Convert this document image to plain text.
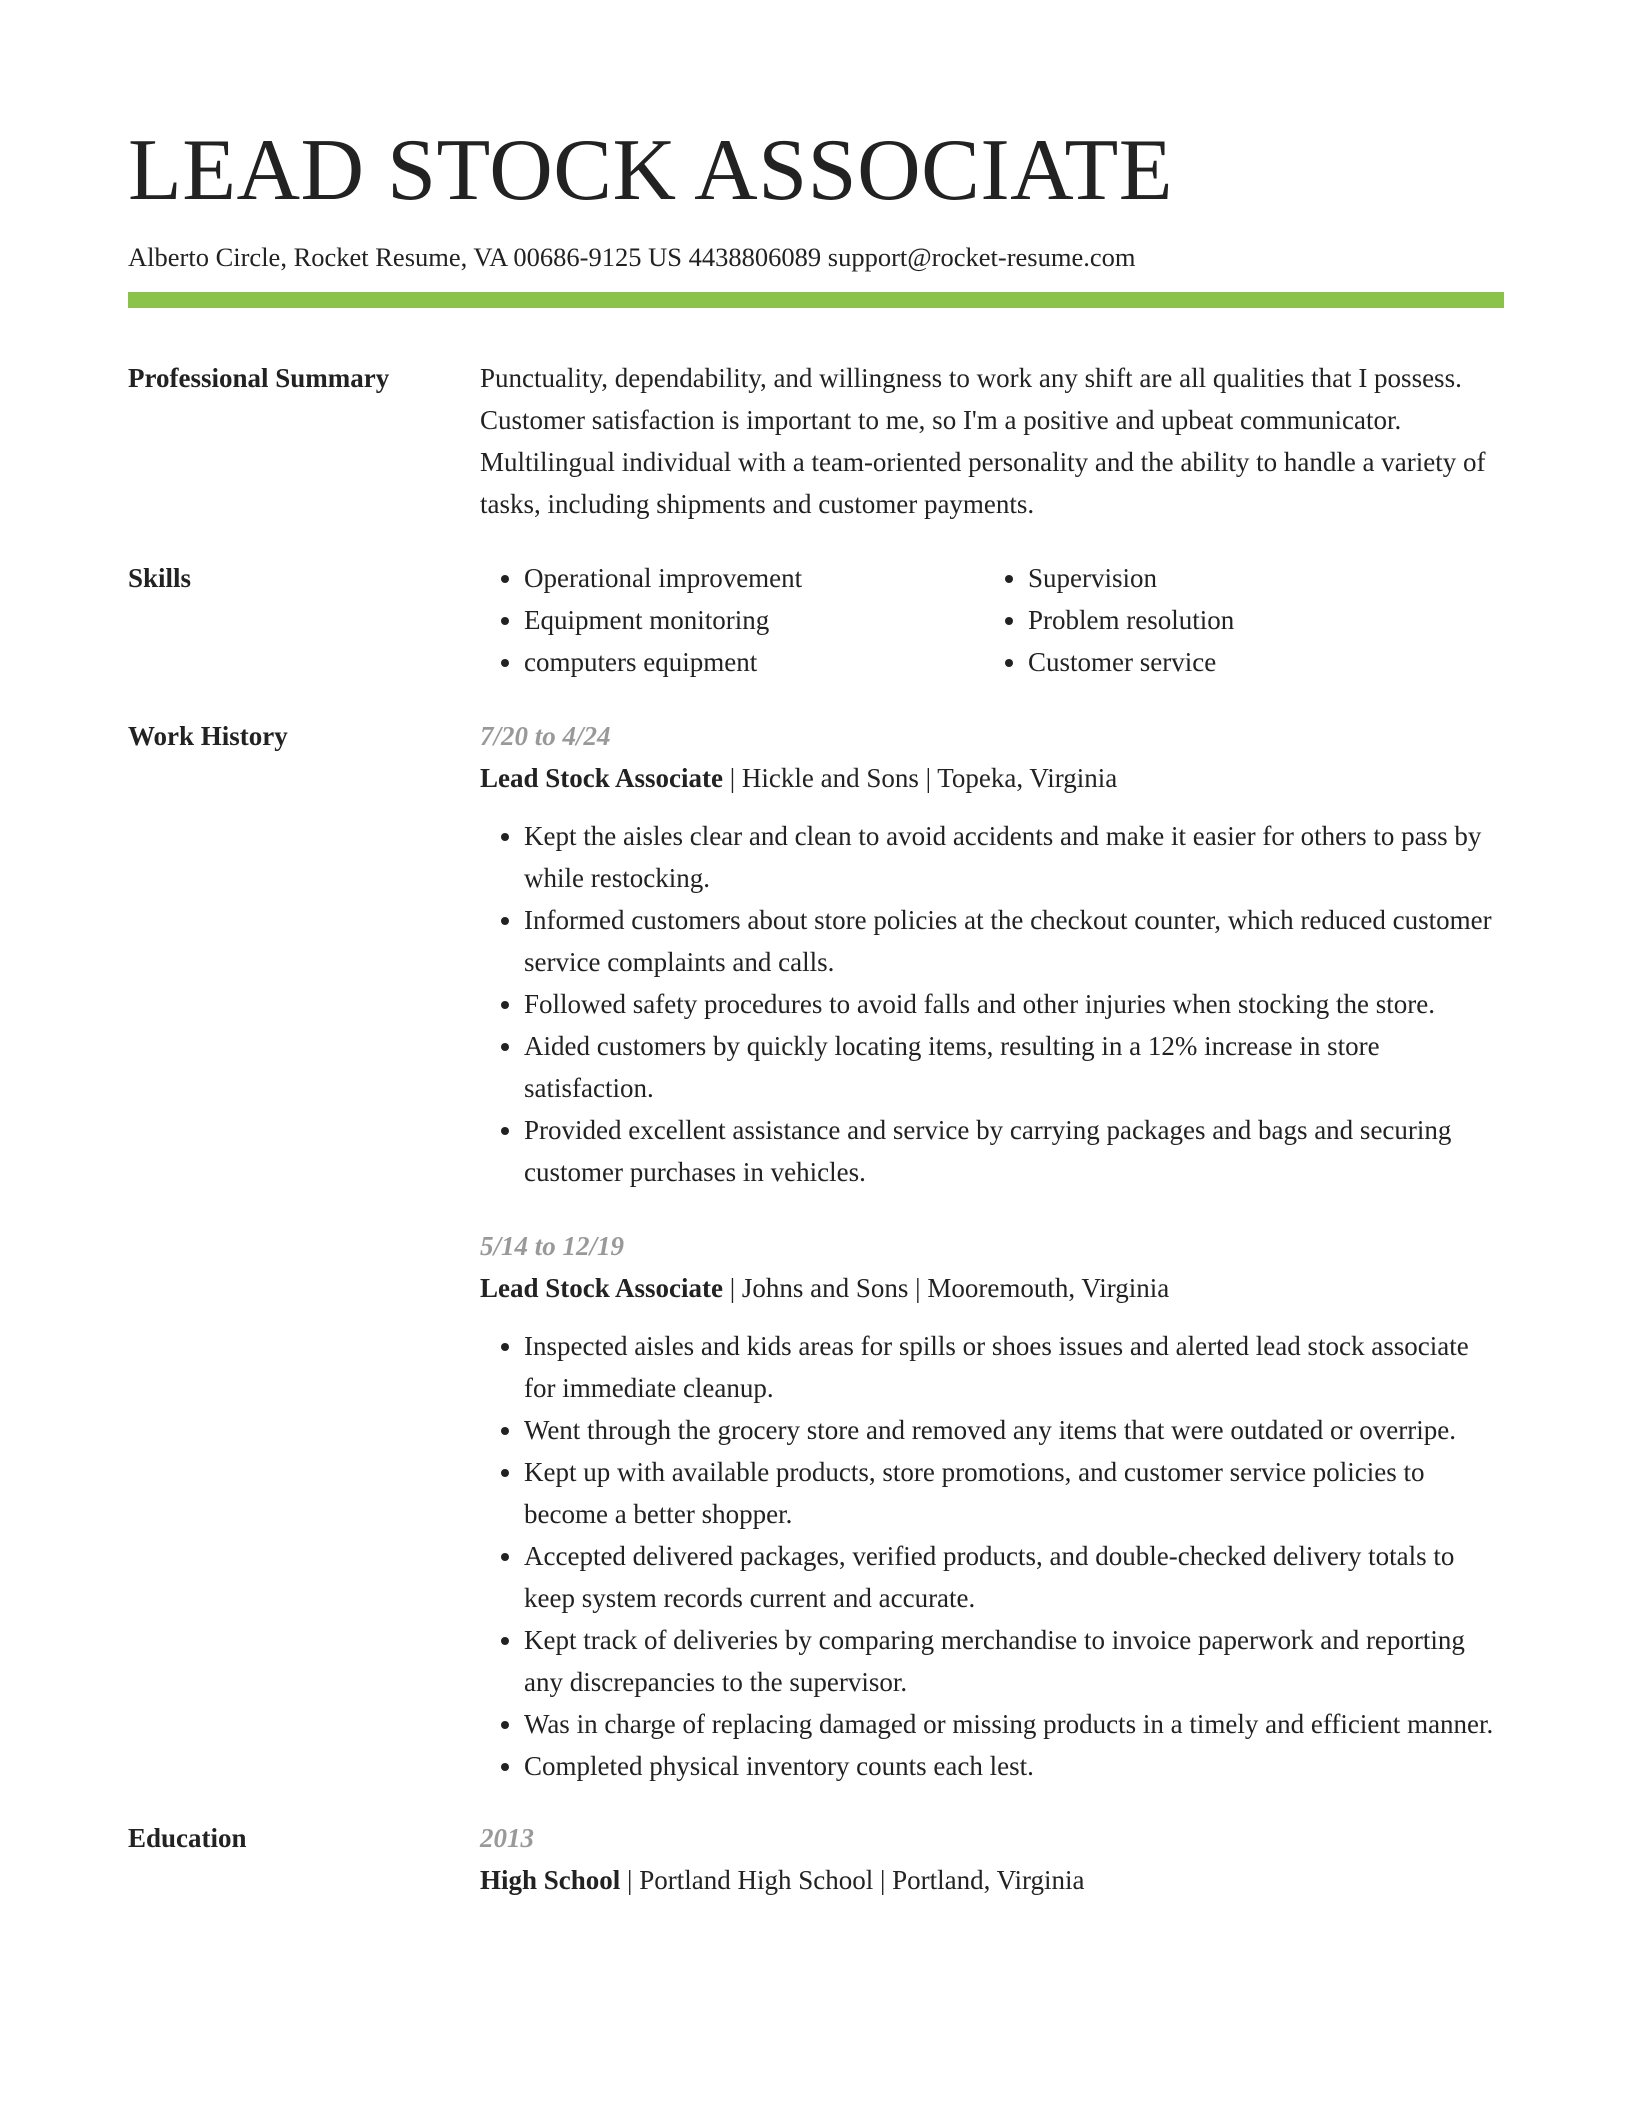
LEAD STOCK ASSOCIATE
Alberto Circle, Rocket Resume, VA 00686-9125 US 4438806089 support@rocket-resume.com
Professional Summary	Punctuality, dependability, and willingness to work any shift are all qualities that I possess. Customer satisfaction is important to me, so I'm a positive and upbeat communicator. Multilingual individual with a team-oriented personality and the ability to handle a variety of tasks, including shipments and customer payments.

Skills
•	Operational improvement
• Equipment monitoring
• computers equipment
• Supervision
• Problem resolution
• Customer service
Work History	7/20 to 4/24
Lead Stock Associate | Hickle and Sons | Topeka, Virginia
• Kept the aisles clear and clean to avoid accidents and make it easier for others to pass by while restocking.
• Informed customers about store policies at the checkout counter, which reduced customer service complaints and calls.
• Followed safety procedures to avoid falls and other injuries when stocking the store.
• Aided customers by quickly locating items, resulting in a 12% increase in store satisfaction.
• Provided excellent assistance and service by carrying packages and bags and securing customer purchases in vehicles.
5/14 to 12/19
Lead Stock Associate | Johns and Sons | Mooremouth, Virginia
• Inspected aisles and kids areas for spills or shoes issues and alerted lead stock associate for immediate cleanup.
• Went through the grocery store and removed any items that were outdated or overripe.
• Kept up with available products, store promotions, and customer service policies to become a better shopper.
• Accepted delivered packages, verified products, and double-checked delivery totals to keep system records current and accurate.
• Kept track of deliveries by comparing merchandise to invoice paperwork and reporting any discrepancies to the supervisor.
• Was in charge of replacing damaged or missing products in a timely and efficient manner.
• Completed physical inventory counts each lest.
Education	2013
High School | Portland High School | Portland, Virginia
